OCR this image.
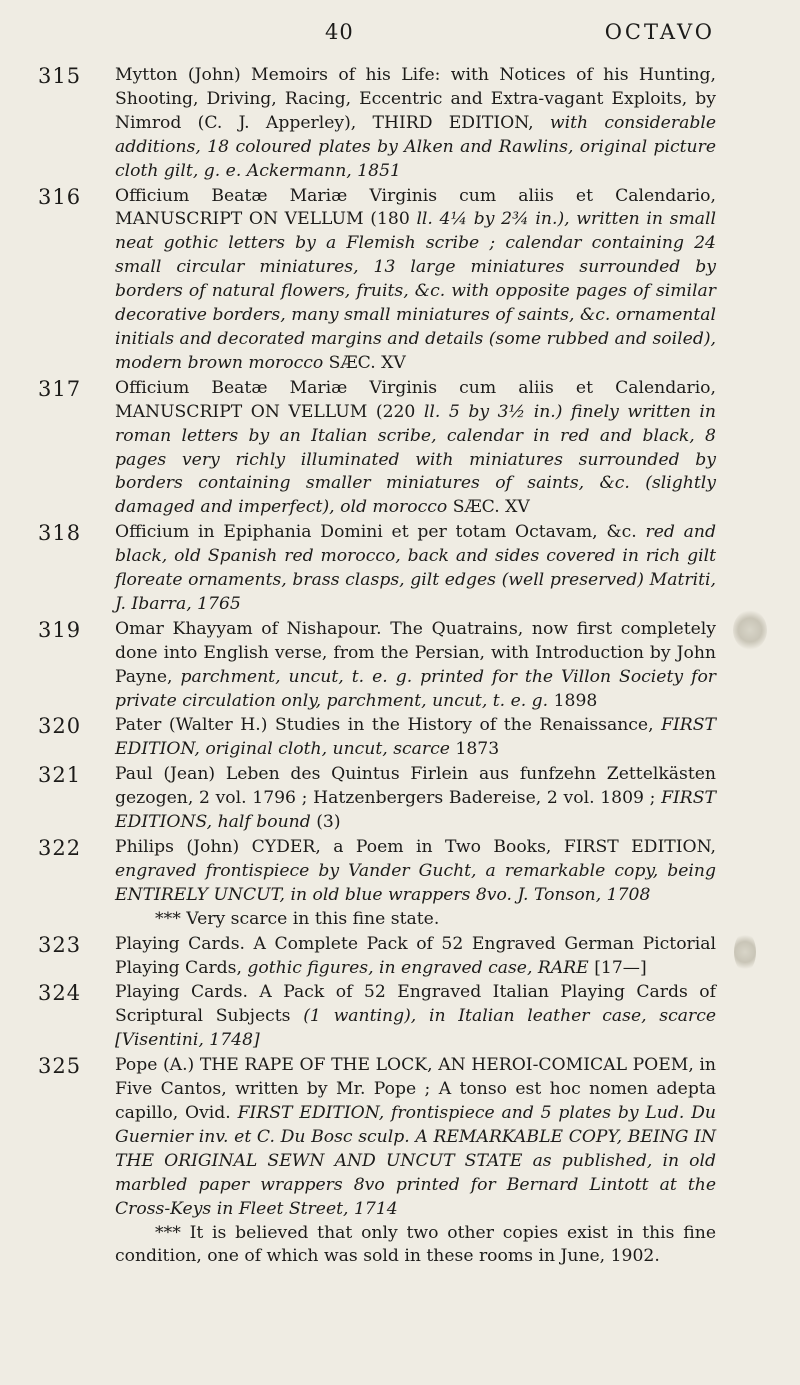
40	OCTAVO
315	Mytton (John) Memoirs of his Life: with Notices of his Hunting, Shooting, Driving, Racing, Eccentric and Extra-vagant Exploits, by Nimrod (C. J. Apperley), THIRD EDITION, with considerable additions, 18 coloured plates by Alken and Rawlins, original picture cloth gilt, g. e. Ackermann, 1851
316	Officium Beatæ Mariæ Virginis cum aliis et Calendario, MANUSCRIPT ON VELLUM (180 ll. 4¼ by 2¾ in.), written in small neat gothic letters by a Flemish scribe ; calendar containing 24 small circular miniatures, 13 large miniatures surrounded by borders of natural flowers, fruits, &c. with opposite pages of similar decorative borders, many small miniatures of saints, &c. ornamental initials and decorated margins and details (some rubbed and soiled), modern brown morocco SÆC. XV
317	Officium Beatæ Mariæ Virginis cum aliis et Calendario, MANUSCRIPT ON VELLUM (220 ll. 5 by 3½ in.) finely written in roman letters by an Italian scribe, calendar in red and black, 8 pages very richly illuminated with miniatures surrounded by borders containing smaller miniatures of saints, &c. (slightly damaged and imperfect), old morocco SÆC. XV
318	Officium in Epiphania Domini et per totam Octavam, &c. red and black, old Spanish red morocco, back and sides covered in rich gilt floreate ornaments, brass clasps, gilt edges (well preserved) Matriti, J. Ibarra, 1765
319	Omar Khayyam of Nishapour. The Quatrains, now first completely done into English verse, from the Persian, with Introduction by John Payne, parchment, uncut, t. e. g. printed for the Villon Society for private circulation only, parchment, uncut, t. e. g. 1898
320	Pater (Walter H.) Studies in the History of the Renaissance, FIRST EDITION, original cloth, uncut, scarce 1873
321	Paul (Jean) Leben des Quintus Firlein aus funfzehn Zettelkästen gezogen, 2 vol. 1796 ; Hatzenbergers Badereise, 2 vol. 1809 ; FIRST EDITIONS, half bound (3)
322	Philips (John) CYDER, a Poem in Two Books, FIRST EDITION, engraved frontispiece by Vander Gucht, a remarkable copy, being ENTIRELY UNCUT, in old blue wrappers 8vo. J. Tonson, 1708
*** Very scarce in this fine state.
323	Playing Cards. A Complete Pack of 52 Engraved German Pictorial Playing Cards, gothic figures, in engraved case, RARE [17—]
324	Playing Cards. A Pack of 52 Engraved Italian Playing Cards of Scriptural Subjects (1 wanting), in Italian leather case, scarce [Visentini, 1748]
325	Pope (A.) THE RAPE OF THE LOCK, AN HEROI-COMICAL POEM, in Five Cantos, written by Mr. Pope ; A tonso est hoc nomen adepta capillo, Ovid. FIRST EDITION, frontispiece and 5 plates by Lud. Du Guernier inv. et C. Du Bosc sculp. A REMARKABLE COPY, BEING IN THE ORIGINAL SEWN AND UNCUT STATE as published, in old marbled paper wrappers 8vo printed for Bernard Lintott at the Cross-Keys in Fleet Street, 1714
*** It is believed that only two other copies exist in this fine condition, one of which was sold in these rooms in June, 1902.
